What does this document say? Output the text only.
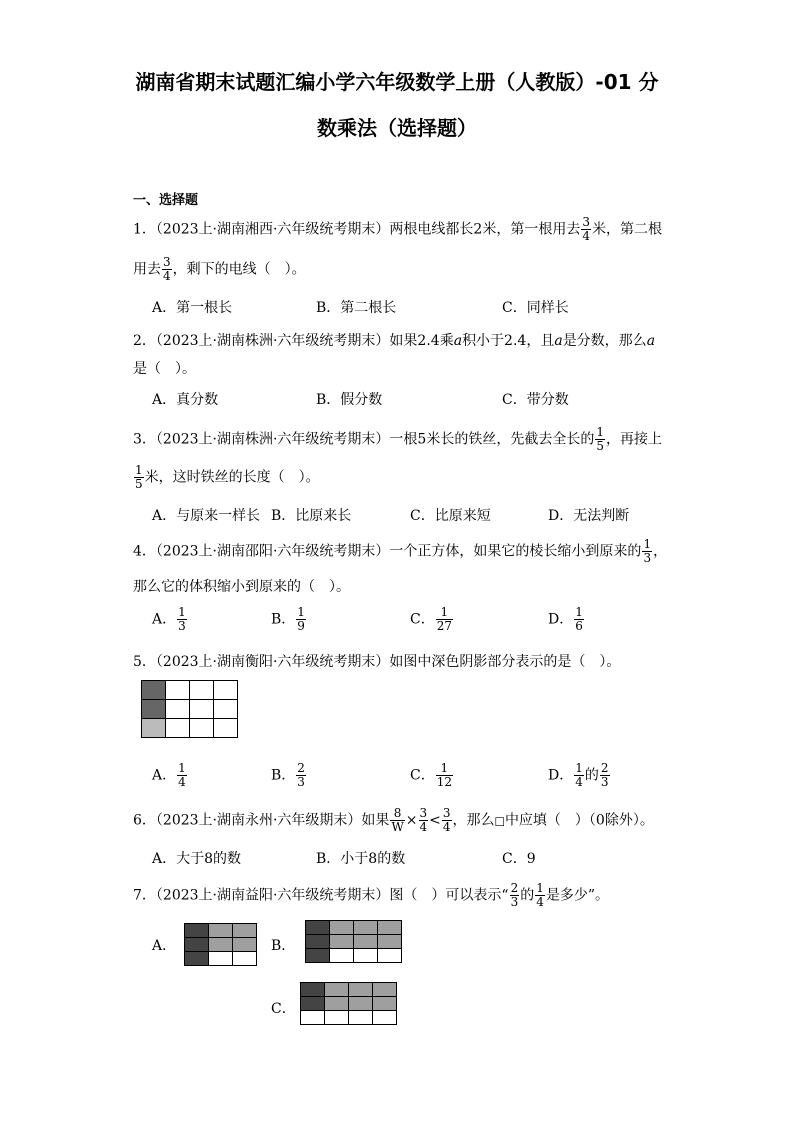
湖南省期末试题汇编小学六年级数学上册（人教版）-01 分
数乘法（选择题）
一、选择题
1．（2023上·湖南湘西·六年级统考期末）两根电线都长2米，第一根用去 $\frac{3}{4}$ 米，第二根
用去 $\frac{3}{4}$ ，剩下的电线（　）。
A．第一根长	B．第二根长	C．同样长
2．（2023上·湖南株洲·六年级统考期末）如果2.4乘a积小于2.4，且a是分数，那么a
是（　）。
A．真分数	B．假分数	C．带分数
3．（2023上·湖南株洲·六年级统考期末）一根5米长的铁丝，先截去全长的 $\frac{1}{5}$ ，再接上
$\frac{1}{5}$ 米，这时铁丝的长度（　）。
A．与原来一样长 B．比原来长	C．比原来短	D．无法判断
4．（2023上·湖南邵阳·六年级统考期末）一个正方体，如果它的棱长缩小到原来的 $\frac{1}{3}$ ，
那么它的体积缩小到原来的（　）。
A． $\frac{1}{3}$	B． $\frac{1}{9}$	C． $\frac{1}{27}$	D． $\frac{1}{6}$
5．（2023上·湖南衡阳·六年级统考期末）如图中深色阴影部分表示的是（　）。

A． $\frac{1}{4}$	B． $\frac{2}{3}$	C． $\frac{1}{12}$	D． $\frac{1}{4}$ 的 $\frac{2}{3}$
6．（2023上·湖南永州·六年级期末）如果 $\frac{8}{W} \times \frac{3}{4} < \frac{3}{4}$ ，那么□中应填（　）（0除外）。
A．大于8的数	B．小于8的数	C．9
7．（2023上·湖南益阳·六年级统考期末）图（　）可以表示“ $\frac{2}{3}$ 的 $\frac{1}{4}$ 是多少”。
A．

			B．

C．
